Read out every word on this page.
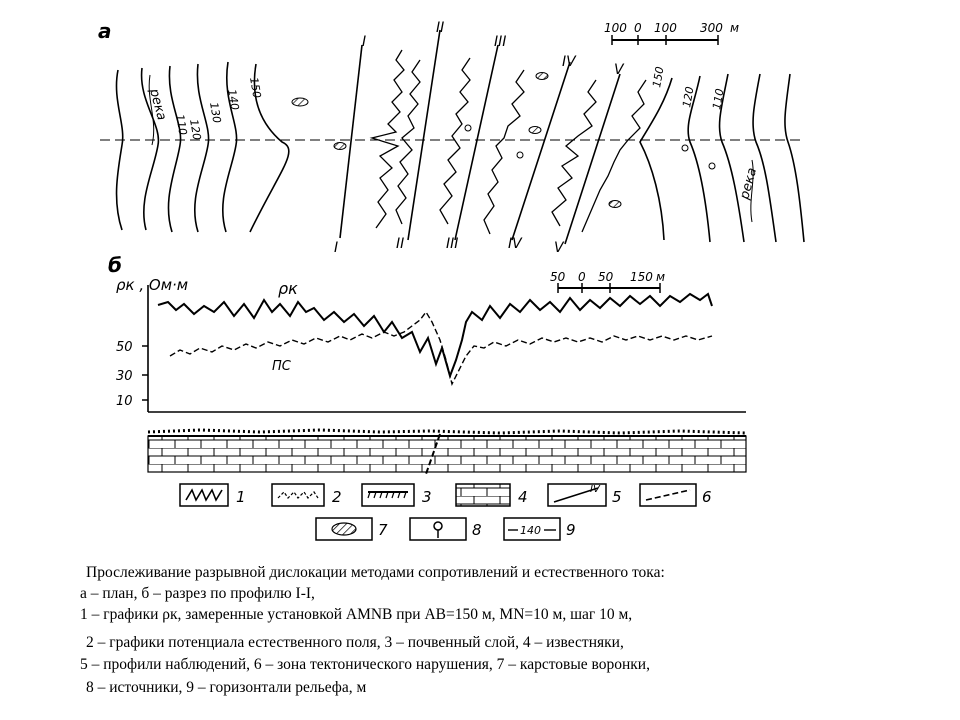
а	100 0 100 300 м
река
110
120
130
140
150
I
II
III
IV	V
I	II	III	IV V
150
120 110
река
б
ρк , Ом·м
50
30
10
50 0 50 150 м
ρк
ПС
1	2	3	4	IV 5	6
7	8	140 9
Прослеживание разрывной дислокации методами сопротивлений и естественного тока:
а – план, б – разрез по профилю I-I,
1 – графики ρк, замеренные установкой АМNВ при АВ=150 м, МN=10 м, шаг 10 м,
2 – графики потенциала естественного поля, 3 – почвенный слой, 4 – известняки,
5 – профили наблюдений, 6 – зона тектонического нарушения, 7 – карстовые воронки,
8 – источники, 9 – горизонтали рельефа, м
